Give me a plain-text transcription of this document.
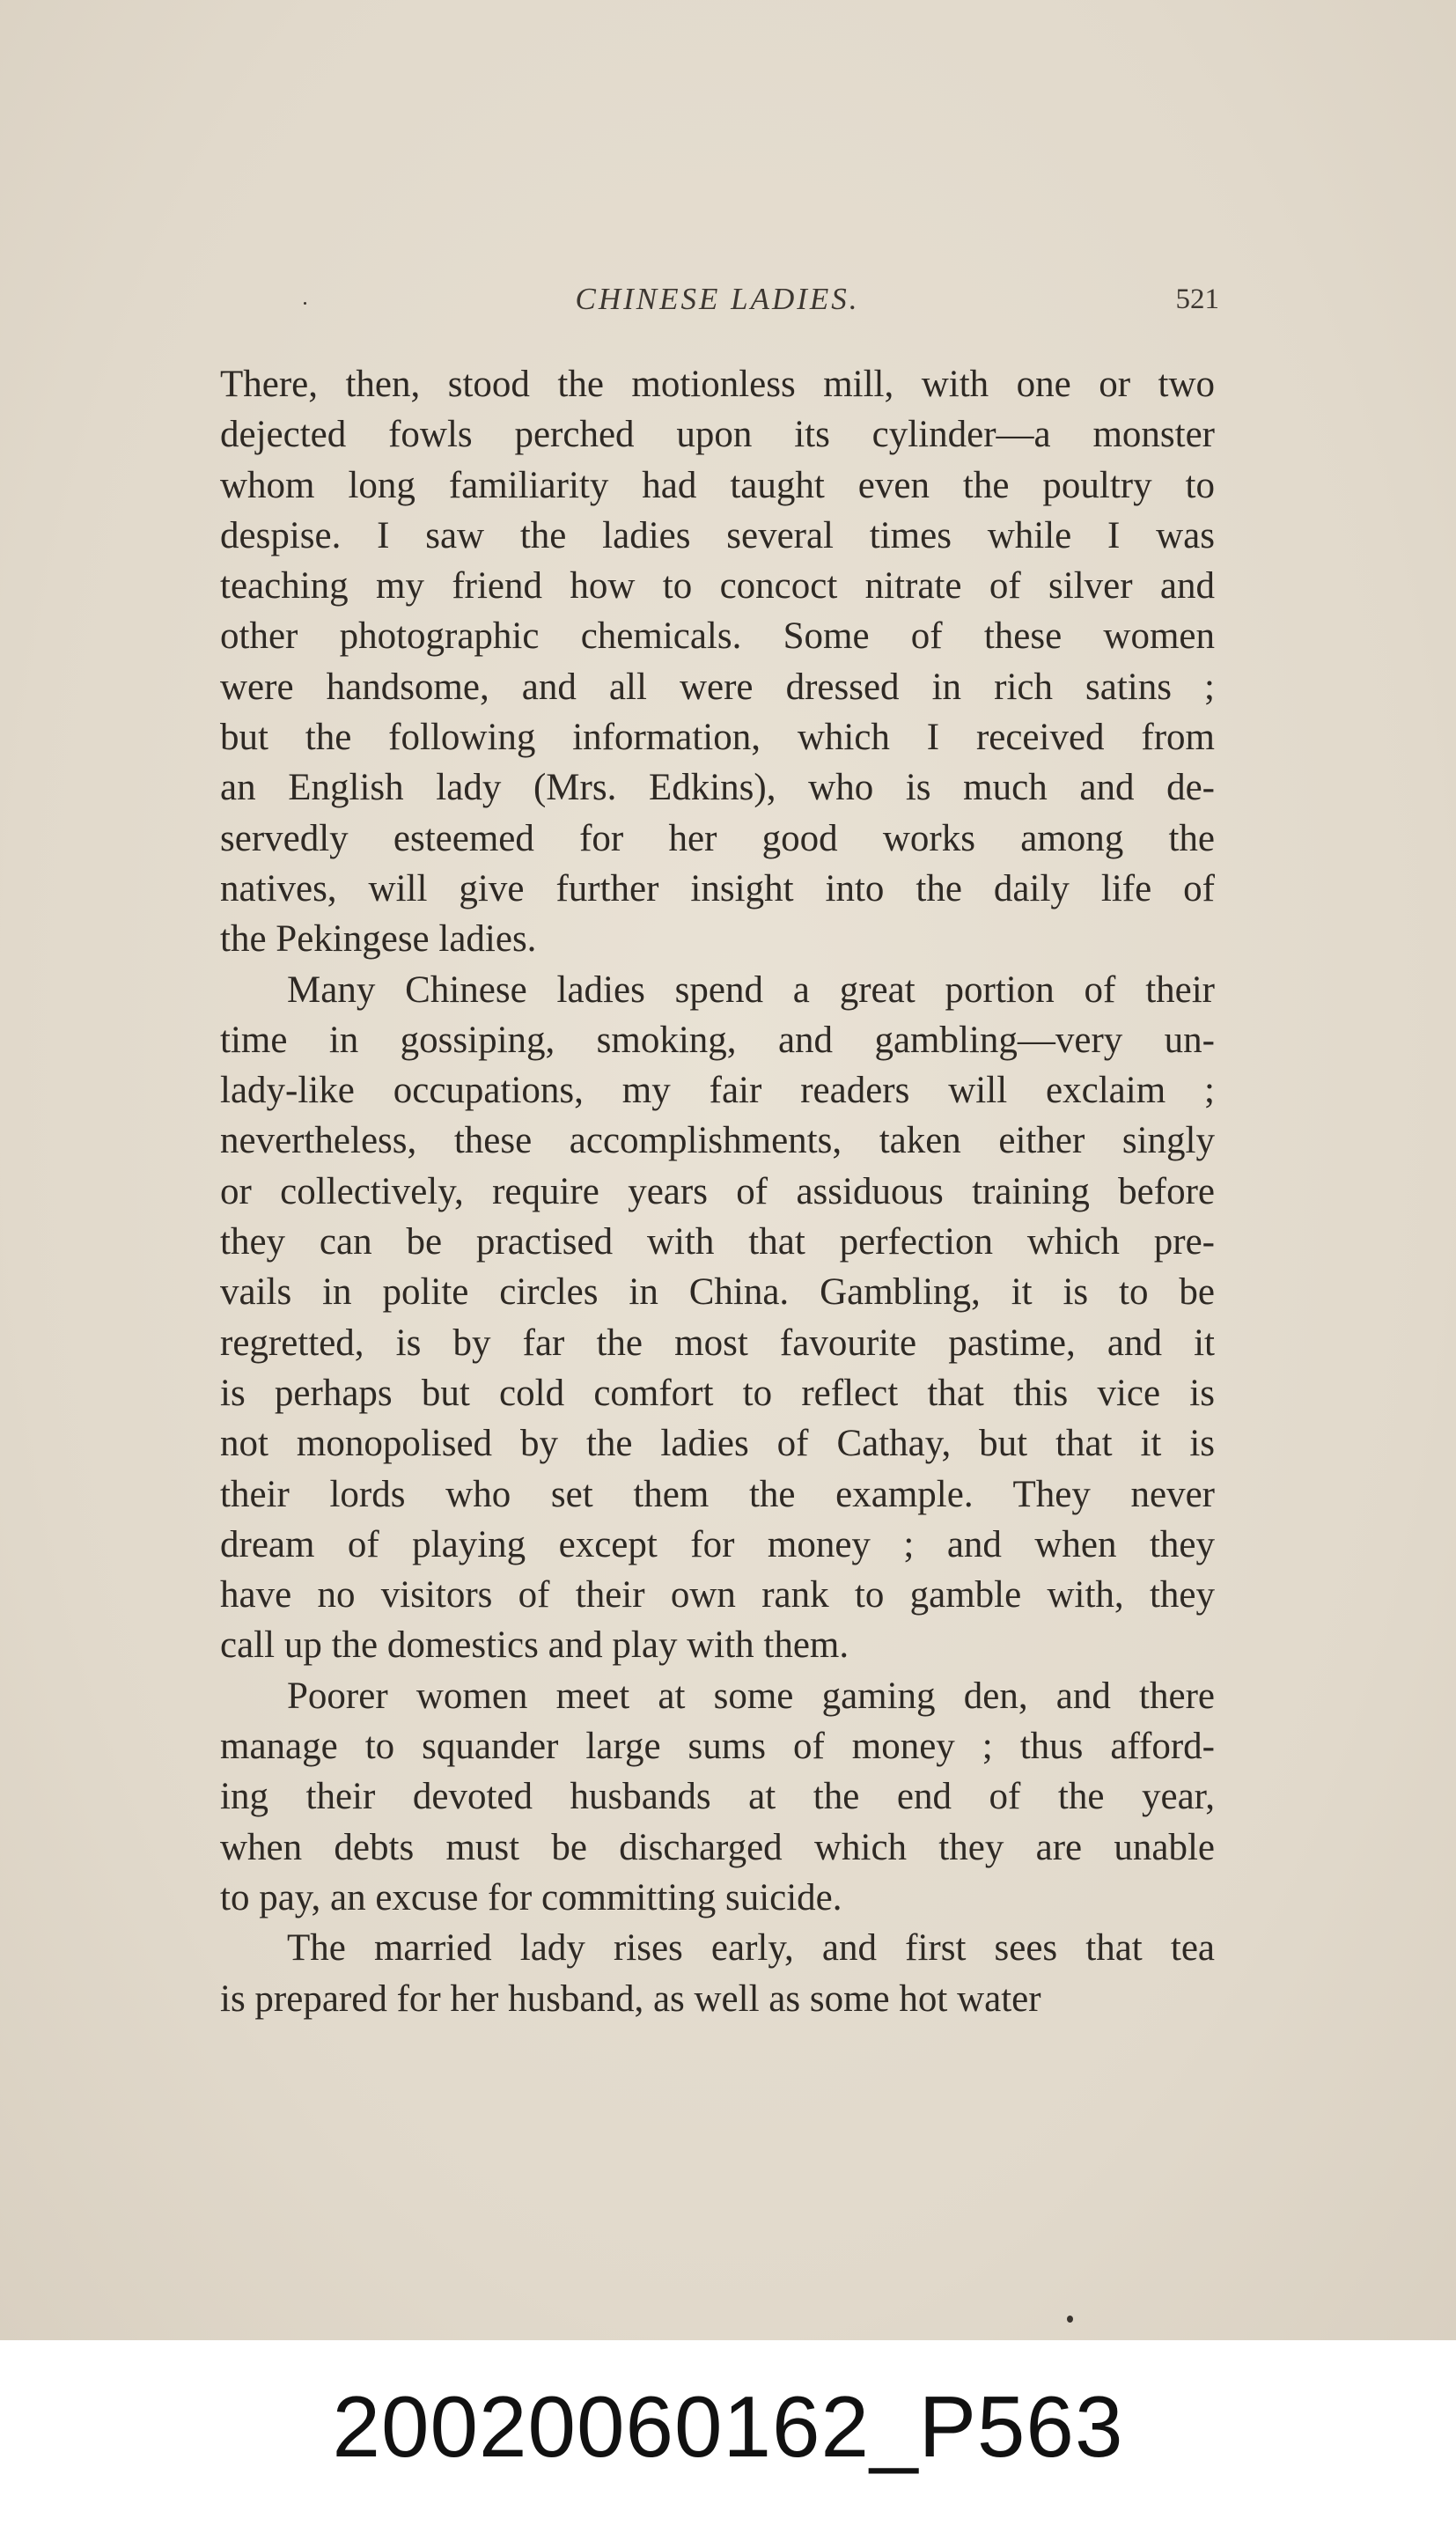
CHINESE LADIES.	521
There, then, stood the motionless mill, with one or two
dejected fowls perched upon its cylinder—a monster
whom long familiarity had taught even the poultry to
despise. I saw the ladies several times while I was
teaching my friend how to concoct nitrate of silver and
other photographic chemicals. Some of these women
were handsome, and all were dressed in rich satins ;
but the following information, which I received from
an English lady (Mrs. Edkins), who is much and de-
servedly esteemed for her good works among the
natives, will give further insight into the daily life of
the Pekingese ladies.
Many Chinese ladies spend a great portion of their
time in gossiping, smoking, and gambling—very un-
lady-like occupations, my fair readers will exclaim ;
nevertheless, these accomplishments, taken either singly
or collectively, require years of assiduous training before
they can be practised with that perfection which pre-
vails in polite circles in China. Gambling, it is to be
regretted, is by far the most favourite pastime, and it
is perhaps but cold comfort to reflect that this vice is
not monopolised by the ladies of Cathay, but that it is
their lords who set them the example. They never
dream of playing except for money ; and when they
have no visitors of their own rank to gamble with, they
call up the domestics and play with them.
Poorer women meet at some gaming den, and there
manage to squander large sums of money ; thus afford-
ing their devoted husbands at the end of the year,
when debts must be discharged which they are unable
to pay, an excuse for committing suicide.
The married lady rises early, and first sees that tea
is prepared for her husband, as well as some hot water
20020060162_P563
